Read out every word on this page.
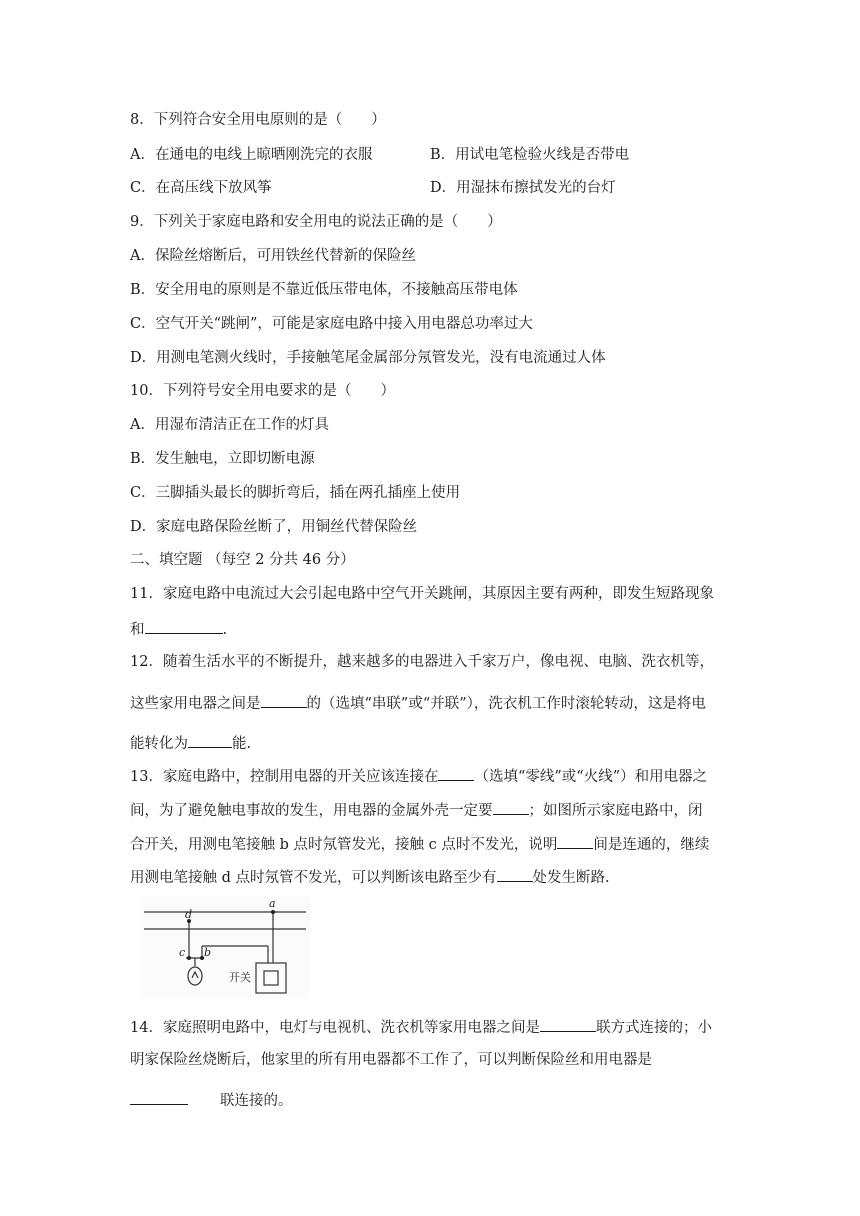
8．下列符合安全用电原则的是（　　）
A．在通电的电线上晾晒刚洗完的衣服	B．用试电笔检验火线是否带电
C．在高压线下放风筝	D．用湿抹布擦拭发光的台灯
9．下列关于家庭电路和安全用电的说法正确的是（　　）
A．保险丝熔断后，可用铁丝代替新的保险丝
B．安全用电的原则是不靠近低压带电体，不接触高压带电体
C．空气开关“跳闸”，可能是家庭电路中接入用电器总功率过大
D．用测电笔测火线时，手接触笔尾金属部分氖管发光，没有电流通过人体
10．下列符号安全用电要求的是（　　）
A．用湿布清洁正在工作的灯具
B．发生触电，立即切断电源
C．三脚插头最长的脚折弯后，插在两孔插座上使用
D．家庭电路保险丝断了，用铜丝代替保险丝
二、填空题 （每空 2 分共 46 分）
11．家庭电路中电流过大会引起电路中空气开关跳闸，其原因主要有两种，即发生短路现象
和	.
12．随着生活水平的不断提升，越来越多的电器进入千家万户，像电视、电脑、洗衣机等，
这些家用电器之间是	的（选填“串联”或“并联”），洗衣机工作时滚轮转动，这是将电
能转化为	能.
13．家庭电路中，控制用电器的开关应该连接在 （选填“零线”或“火线”）和用电器之
间，为了避免触电事故的发生，用电器的金属外壳一定要 ；如图所示家庭电路中，闭
合开关，用测电笔接触 b 点时氖管发光，接触 c 点时不发光，说明 间是连通的，继续
用测电笔接触 d 点时氖管不发光，可以判断该电路至少有 处发生断路.
a
d
c b
开关
14．家庭照明电路中，电灯与电视机、洗衣机等家用电器之间是	联方式连接的；小
明家保险丝烧断后，他家里的所有用电器都不工作了，可以判断保险丝和用电器是
联连接的。
